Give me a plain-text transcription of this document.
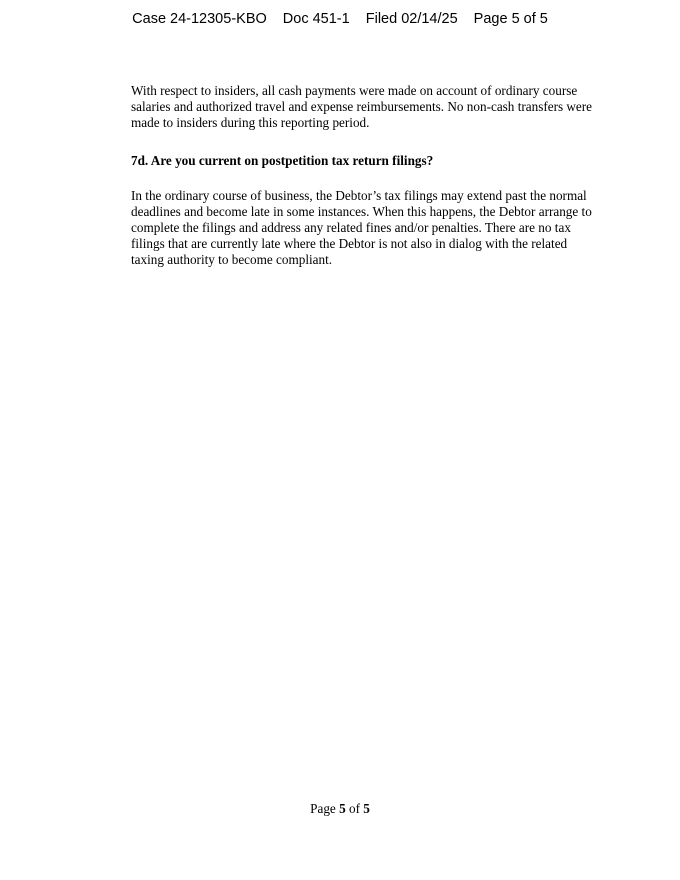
Case 24-12305-KBO Doc 451-1 Filed 02/14/25 Page 5 of 5
With respect to insiders, all cash payments were made on account of ordinary course
salaries and authorized travel and expense reimbursements. No non-cash transfers were
made to insiders during this reporting period.
7d. Are you current on postpetition tax return filings?
In the ordinary course of business, the Debtor’s tax filings may extend past the normal
deadlines and become late in some instances. When this happens, the Debtor arrange to
complete the filings and address any related fines and/or penalties. There are no tax
filings that are currently late where the Debtor is not also in dialog with the related
taxing authority to become compliant.
Page 5 of 5
